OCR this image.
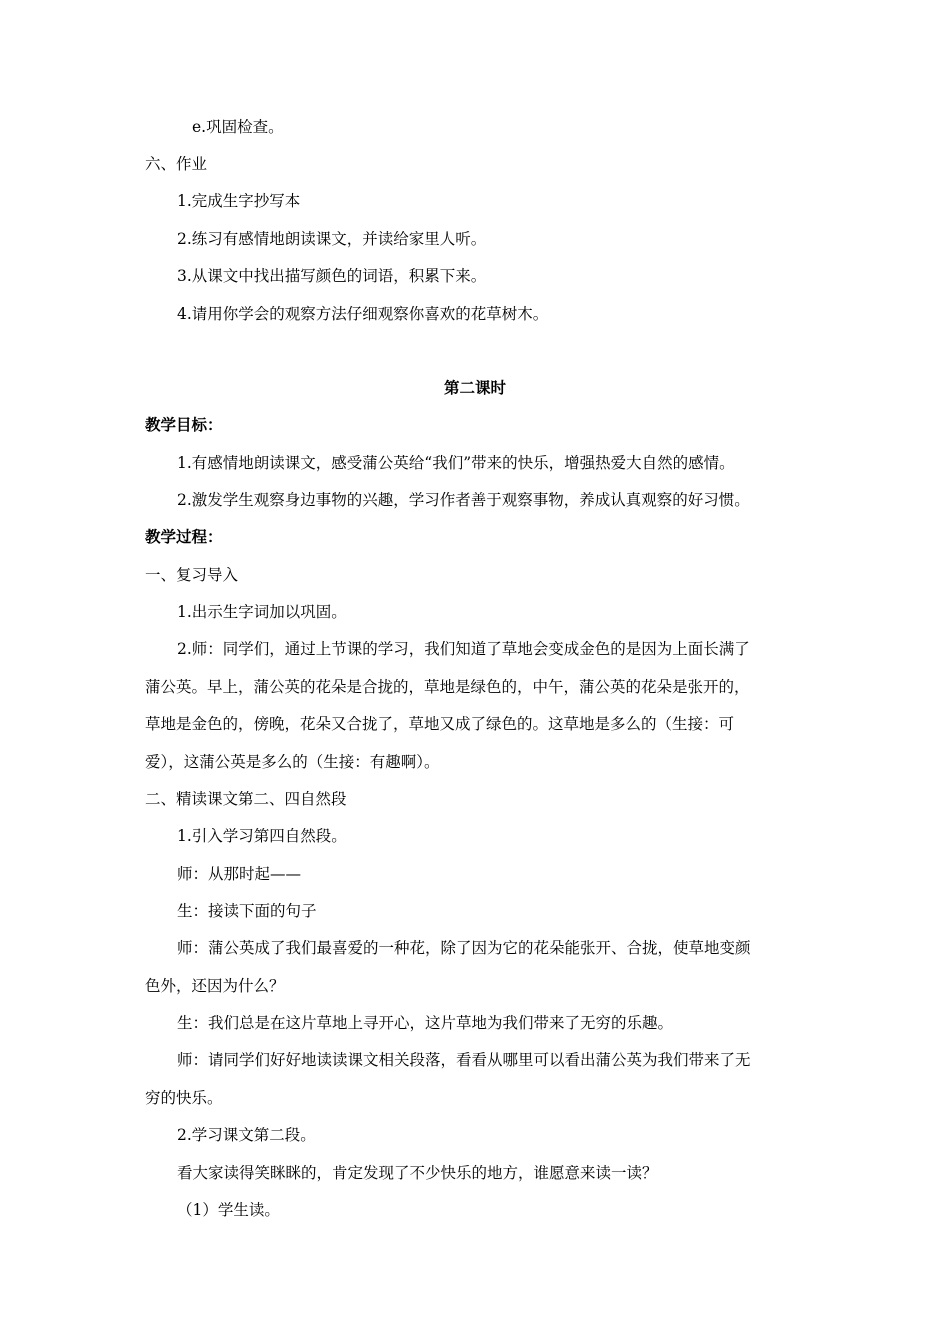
e.巩固检查。
六、作业
1.完成生字抄写本
2.练习有感情地朗读课文，并读给家里人听。
3.从课文中找出描写颜色的词语，积累下来。
4.请用你学会的观察方法仔细观察你喜欢的花草树木。
第二课时
教学目标：
1.有感情地朗读课文，感受蒲公英给“我们”带来的快乐，增强热爱大自然的感情。
2.激发学生观察身边事物的兴趣，学习作者善于观察事物，养成认真观察的好习惯。
教学过程：
一、复习导入
1.出示生字词加以巩固。
2.师：同学们，通过上节课的学习，我们知道了草地会变成金色的是因为上面长满了
蒲公英。早上，蒲公英的花朵是合拢的，草地是绿色的，中午，蒲公英的花朵是张开的，
草地是金色的，傍晚，花朵又合拢了，草地又成了绿色的。这草地是多么的（生接：可
爱），这蒲公英是多么的（生接：有趣啊）。
二、精读课文第二、四自然段
1.引入学习第四自然段。
师：从那时起——
生：接读下面的句子
师：蒲公英成了我们最喜爱的一种花，除了因为它的花朵能张开、合拢，使草地变颜
色外，还因为什么？
生：我们总是在这片草地上寻开心，这片草地为我们带来了无穷的乐趣。
师：请同学们好好地读读课文相关段落，看看从哪里可以看出蒲公英为我们带来了无
穷的快乐。
2.学习课文第二段。
看大家读得笑眯眯的，肯定发现了不少快乐的地方，谁愿意来读一读？
（1）学生读。
